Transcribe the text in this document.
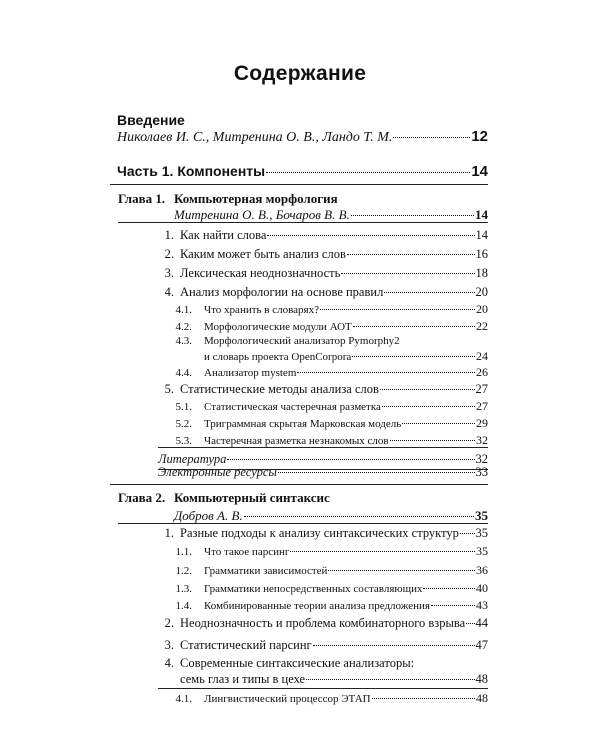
Содержание
Введение
Николаев И. С., Митренина О. В., Ландо Т. М.	12
Часть 1. Компоненты	14
Глава 1. Компьютерная морфология
Митренина О. В., Бочаров В. В.	14
1. Как найти слова	14
2. Каким может быть анализ слов	16
3. Лексическая неоднозначность	18
4. Анализ морфологии на основе правил	20
4.1. Что хранить в словарях?	20
4.2. Морфологические модули АОТ	22
4.3. Морфологический анализатор Pymorphy2
и словарь проекта OpenCorpora	24
4.4. Анализатор mystem	26
5. Статистические методы анализа слов	27
5.1. Статистическая частеречная разметка	27
5.2. Триграммная скрытая Марковская модель	29
5.3. Частеречная разметка незнакомых слов	32
Литература	32
Электронные ресурсы	33
Глава 2. Компьютерный синтаксис
Добров А. В.	35
1. Разные подходы к анализу синтаксических структур 35
1.1. Что такое парсинг	35
1.2. Грамматики зависимостей	36
1.3. Грамматики непосредственных составляющих	40
1.4. Комбинированные теории анализа предложения	43
2. Неоднозначность и проблема комбинаторного взрыва 44
3. Статистический парсинг	47
4. Современные синтаксические анализаторы:
семь глаз и типы в цехе	48
4.1. Лингвистический процессор ЭТАП	48
